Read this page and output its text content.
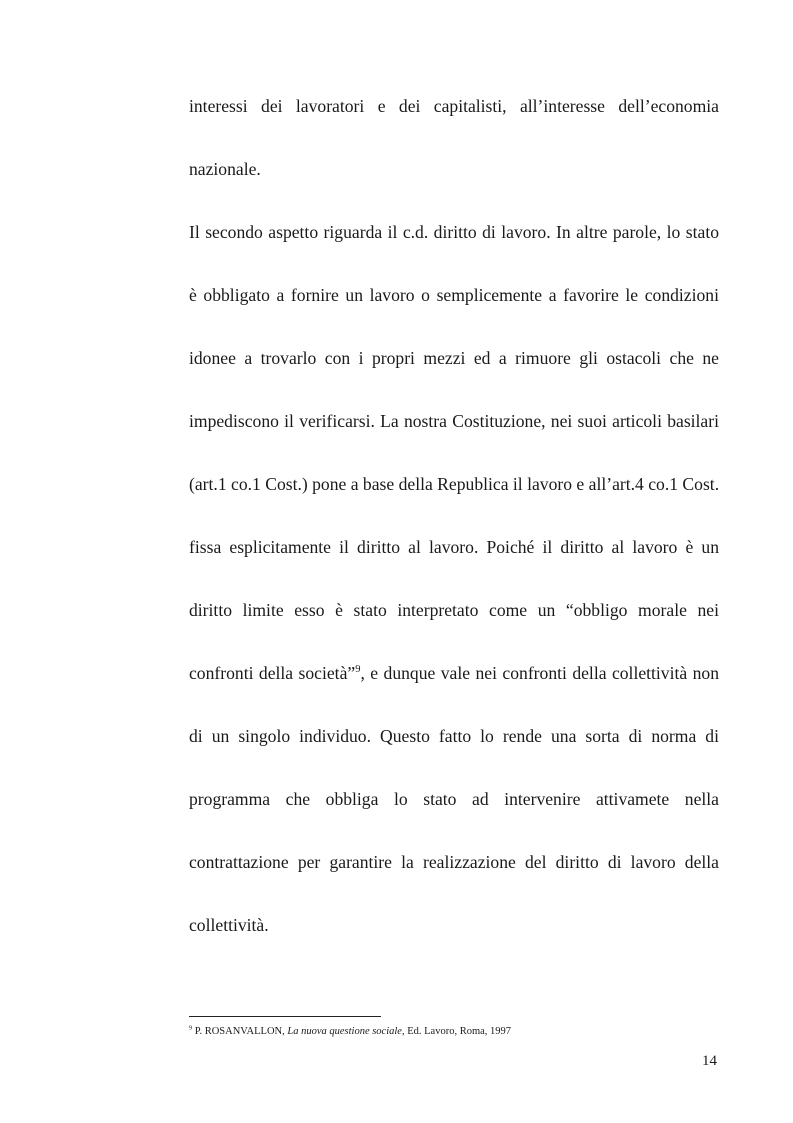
interessi dei lavoratori e dei capitalisti, all’interesse dell’economia
nazionale.
Il secondo aspetto riguarda il c.d. diritto di lavoro. In altre parole, lo stato
è obbligato a fornire un lavoro o semplicemente a favorire le condizioni
idonee a trovarlo con i propri mezzi ed a rimuore gli ostacoli che ne
impediscono il verificarsi. La nostra Costituzione, nei suoi articoli basilari
(art.1 co.1 Cost.) pone a base della Republica il lavoro e all’art.4 co.1 Cost.
fissa esplicitamente il diritto al lavoro. Poiché il diritto al lavoro è un
diritto limite esso è stato interpretato come un “obbligo morale nei
confronti della società”$^9$, e dunque vale nei confronti della collettività non
di un singolo individuo. Questo fatto lo rende una sorta di norma di
programma che obbliga lo stato ad intervenire attivamete nella
contrattazione per garantire la realizzazione del diritto di lavoro della
collettività.
$^9$ P. ROSANVALLON, La nuova questione sociale, Ed. Lavoro, Roma, 1997
14
